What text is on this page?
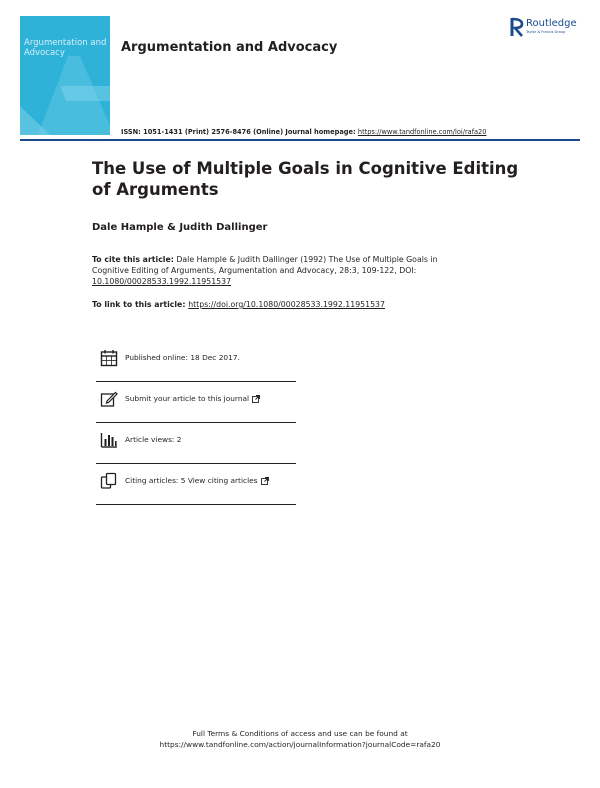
Argumentation and Advocacy	Argumentation and Advocacy
Routledge
Taylor & Francis Group
ISSN: 1051-1431 (Print) 2576-8476 (Online) Journal homepage: https://www.tandfonline.com/loi/rafa20
The Use of Multiple Goals in Cognitive Editing of Arguments
Dale Hample & Judith Dallinger
To cite this article: Dale Hample & Judith Dallinger (1992) The Use of Multiple Goals in Cognitive Editing of Arguments, Argumentation and Advocacy, 28:3, 109-122, DOI: 10.1080/00028533.1992.11951537
To link to this article: https://doi.org/10.1080/00028533.1992.11951537
Published online: 18 Dec 2017.
Submit your article to this journal
Article views: 2
Citing articles: 5 View citing articles
Full Terms & Conditions of access and use can be found at
https://www.tandfonline.com/action/journalInformation?journalCode=rafa20
